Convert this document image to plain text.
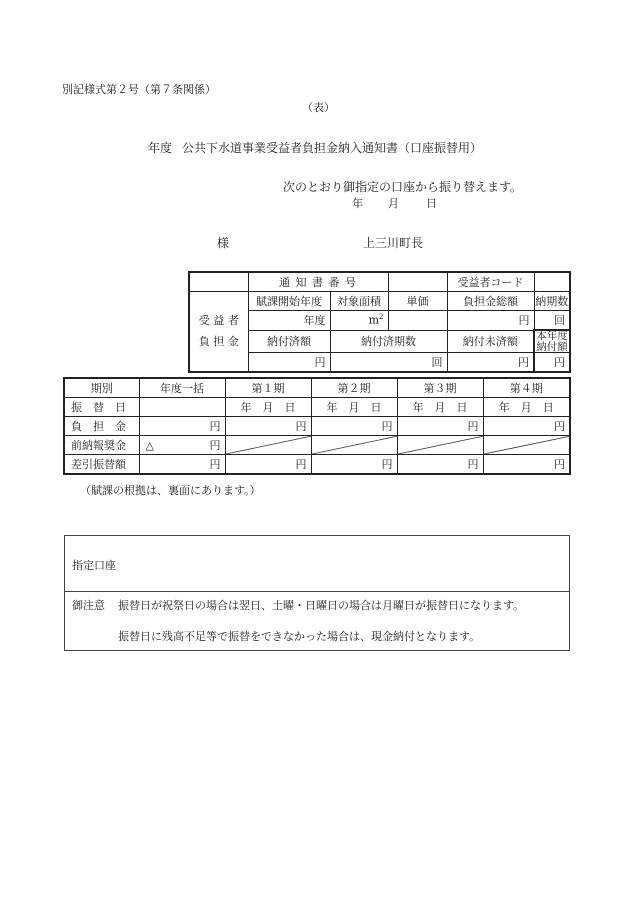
別記様式第２号（第７条関係）
（表）
年度 公共下水道事業受益者負担金納入通知書（口座振替用）
次のとおり御指定の口座から振り替えます。
年 月 日
様	上三川町長
	通 知 書 番 号			受益者コード	

受 益 者
負 担 金	賦課開始年度	対象面積	単価	負担金総額	納期数
	年度	$m^2$		円	回
	納付済額	納付済期数		納付未済額	本年度納付額
	円	回		円	円
期別	年度一括	第１期	第２期	第３期	第４期
振　替　日		年　月　日	年　月　日	年　月　日	年　月　日
負　担　金	円	円	円	円	円
前納報奨金	△ 円

差引振替額	円	円	円	円	円
（賦課の根拠は、裏面にあります。）
指定口座
御注意 振替日が祝祭日の場合は翌日、土曜・日曜日の場合は月曜日が振替日になります。
振替日に残高不足等で振替をできなかった場合は、現金納付となります。
